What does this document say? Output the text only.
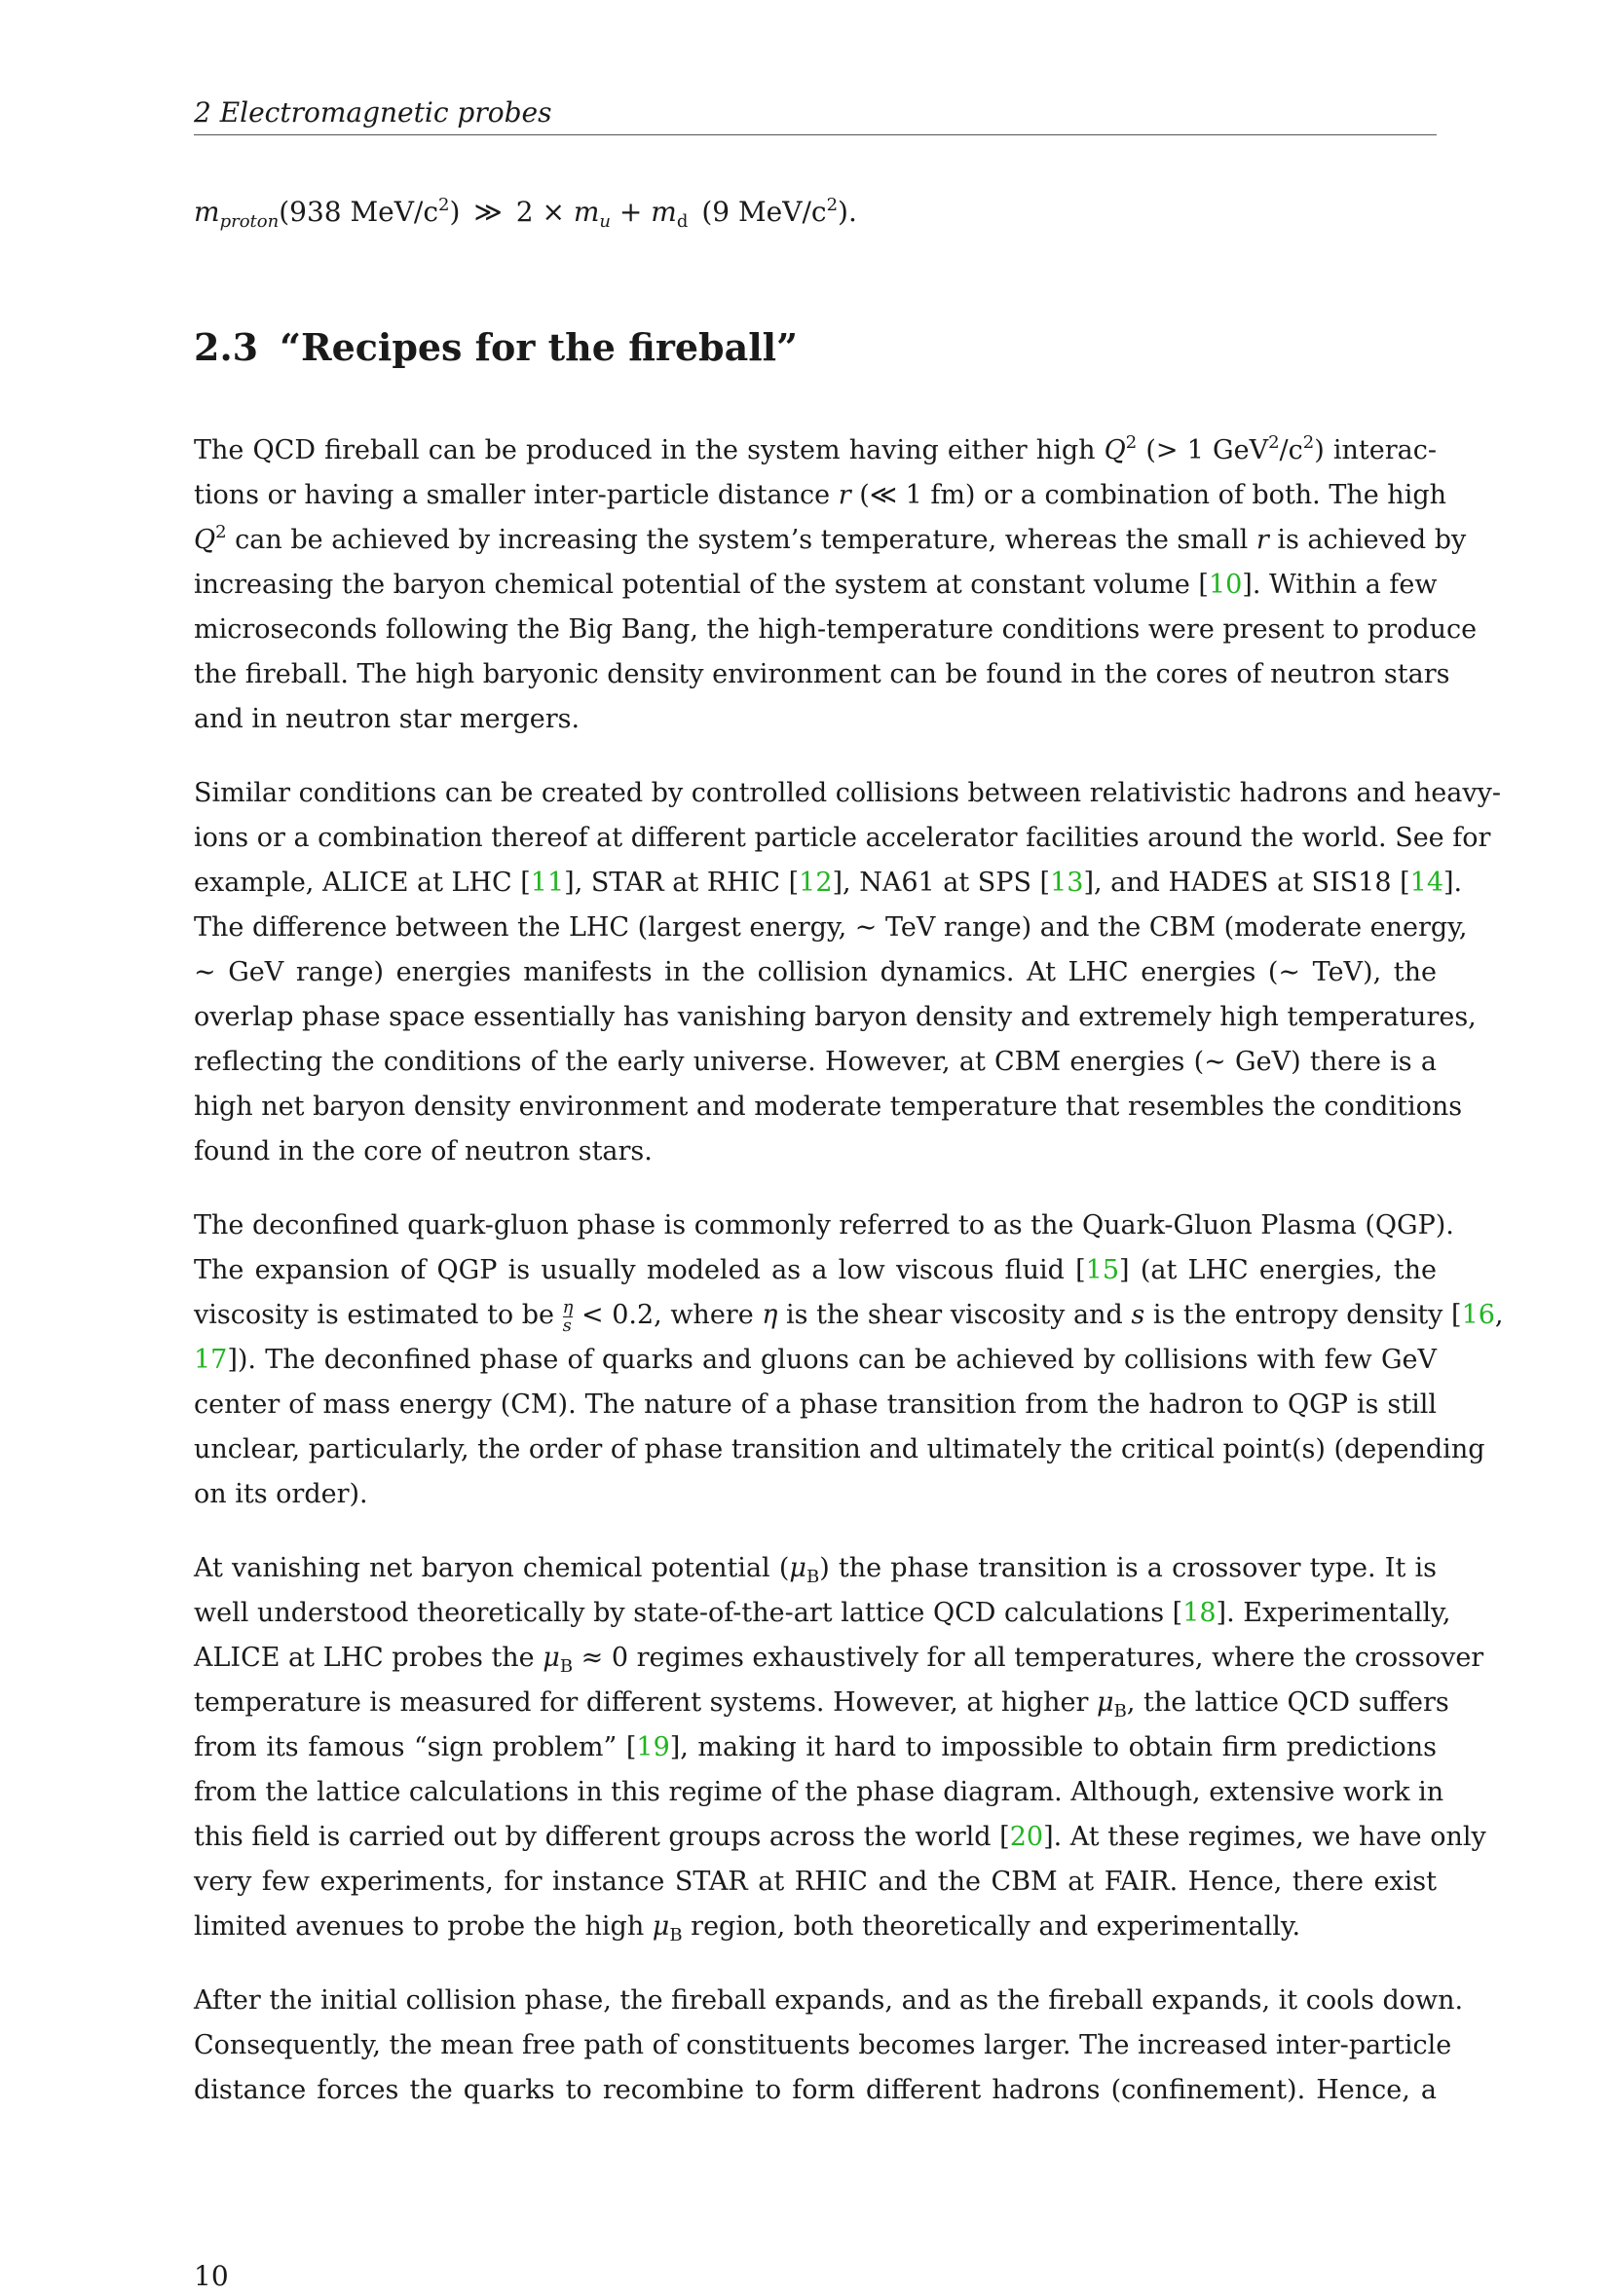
2 Electromagnetic probes
$m_{proton}(938$ MeV/$c^2$) ≫ $2 \times m_u + m_d$ (9 MeV/$c^2$).
2.3 “Recipes for the fireball”
The QCD fireball can be produced in the system having either high $Q^2$ (> 1 $GeV^2/c^2$) interac-
tions or having a smaller inter-particle distance r (≪ 1 fm) or a combination of both. The high
$Q^2$ can be achieved by increasing the system’s temperature, whereas the small r is achieved by
increasing the baryon chemical potential of the system at constant volume [10]. Within a few
microseconds following the Big Bang, the high-temperature conditions were present to produce
the fireball. The high baryonic density environment can be found in the cores of neutron stars
and in neutron star mergers.
Similar conditions can be created by controlled collisions between relativistic hadrons and heavy-
ions or a combination thereof at different particle accelerator facilities around the world. See for
example, ALICE at LHC [11], STAR at RHIC [12], NA61 at SPS [13], and HADES at SIS18 [14].
The difference between the LHC (largest energy, ∼ TeV range) and the CBM (moderate energy,
∼ GeV range) energies manifests in the collision dynamics. At LHC energies (∼ TeV), the
overlap phase space essentially has vanishing baryon density and extremely high temperatures,
reflecting the conditions of the early universe. However, at CBM energies (∼ GeV) there is a
high net baryon density environment and moderate temperature that resembles the conditions
found in the core of neutron stars.
The deconfined quark-gluon phase is commonly referred to as the Quark-Gluon Plasma (QGP).
The expansion of QGP is usually modeled as a low viscous fluid [15] (at LHC energies, the
viscosity is estimated to be $\frac{\eta}{s} < 0.2$, where η is the shear viscosity and s is the entropy density [16,
17]). The deconfined phase of quarks and gluons can be achieved by collisions with few GeV
center of mass energy (CM). The nature of a phase transition from the hadron to QGP is still
unclear, particularly, the order of phase transition and ultimately the critical point(s) (depending
on its order).
At vanishing net baryon chemical potential $(\mu_B)$ the phase transition is a crossover type. It is
well understood theoretically by state-of-the-art lattice QCD calculations [18]. Experimentally,
ALICE at LHC probes the $\mu_B \approx 0$ regimes exhaustively for all temperatures, where the crossover
temperature is measured for different systems. However, at higher $\mu_B$, the lattice QCD suffers
from its famous “sign problem” [19], making it hard to impossible to obtain firm predictions
from the lattice calculations in this regime of the phase diagram. Although, extensive work in
this field is carried out by different groups across the world [20]. At these regimes, we have only
very few experiments, for instance STAR at RHIC and the CBM at FAIR. Hence, there exist
limited avenues to probe the high $\mu_B$ region, both theoretically and experimentally.
After the initial collision phase, the fireball expands, and as the fireball expands, it cools down.
Consequently, the mean free path of constituents becomes larger. The increased inter-particle
distance forces the quarks to recombine to form different hadrons (confinement). Hence, a
10
